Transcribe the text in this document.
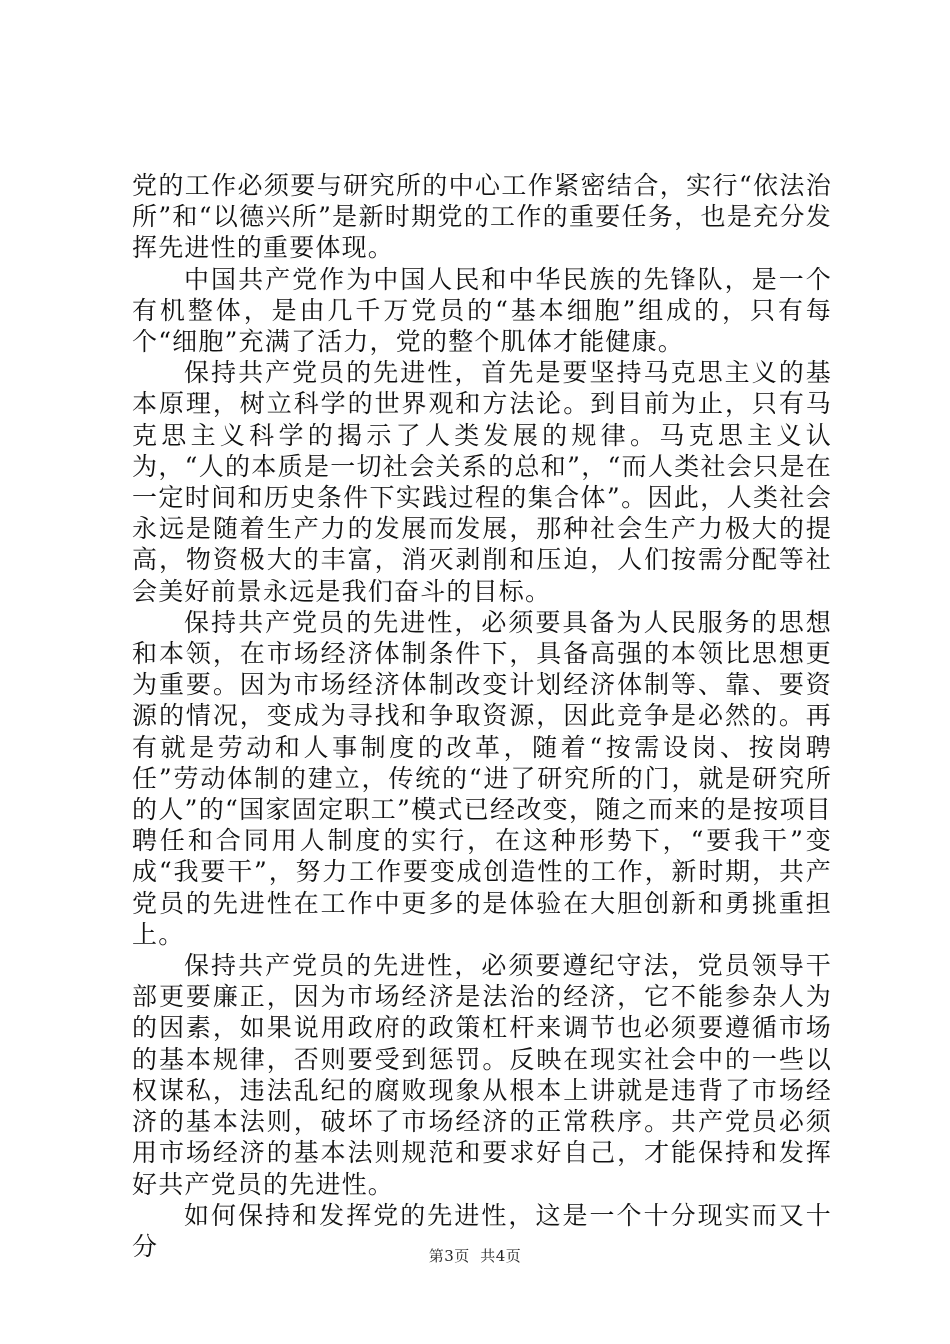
党的工作必须要与研究所的中心工作紧密结合，实行“依法治所”和“以德兴所”是新时期党的工作的重要任务，也是充分发挥先进性的重要体现。

中国共产党作为中国人民和中华民族的先锋队，是一个有机整体，是由几千万党员的“基本细胞”组成的，只有每个“细胞”充满了活力，党的整个肌体才能健康。

保持共产党员的先进性，首先是要坚持马克思主义的基本原理，树立科学的世界观和方法论。到目前为止，只有马克思主义科学的揭示了人类发展的规律。马克思主义认为，“人的本质是一切社会关系的总和”，“而人类社会只是在一定时间和历史条件下实践过程的集合体”。因此，人类社会永远是随着生产力的发展而发展，那种社会生产力极大的提高，物资极大的丰富，消灭剥削和压迫，人们按需分配等社会美好前景永远是我们奋斗的目标。

保持共产党员的先进性，必须要具备为人民服务的思想和本领，在市场经济体制条件下，具备高强的本领比思想更为重要。因为市场经济体制改变计划经济体制等、靠、要资源的情况，变成为寻找和争取资源，因此竞争是必然的。再有就是劳动和人事制度的改革，随着“按需设岗、按岗聘任”劳动体制的建立，传统的“进了研究所的门，就是研究所的人”的“国家固定职工”模式已经改变，随之而来的是按项目聘任和合同用人制度的实行，在这种形势下，“要我干”变成“我要干”，努力工作要变成创造性的工作，新时期，共产党员的先进性在工作中更多的是体验在大胆创新和勇挑重担上。

保持共产党员的先进性，必须要遵纪守法，党员领导干部更要廉正，因为市场经济是法治的经济，它不能参杂人为的因素，如果说用政府的政策杠杆来调节也必须要遵循市场的基本规律，否则要受到惩罚。反映在现实社会中的一些以权谋私，违法乱纪的腐败现象从根本上讲就是违背了市场经济的基本法则，破坏了市场经济的正常秩序。共产党员必须用市场经济的基本法则规范和要求好自己，才能保持和发挥好共产党员的先进性。

如何保持和发挥党的先进性，这是一个十分现实而又十分	第3页  共4页
